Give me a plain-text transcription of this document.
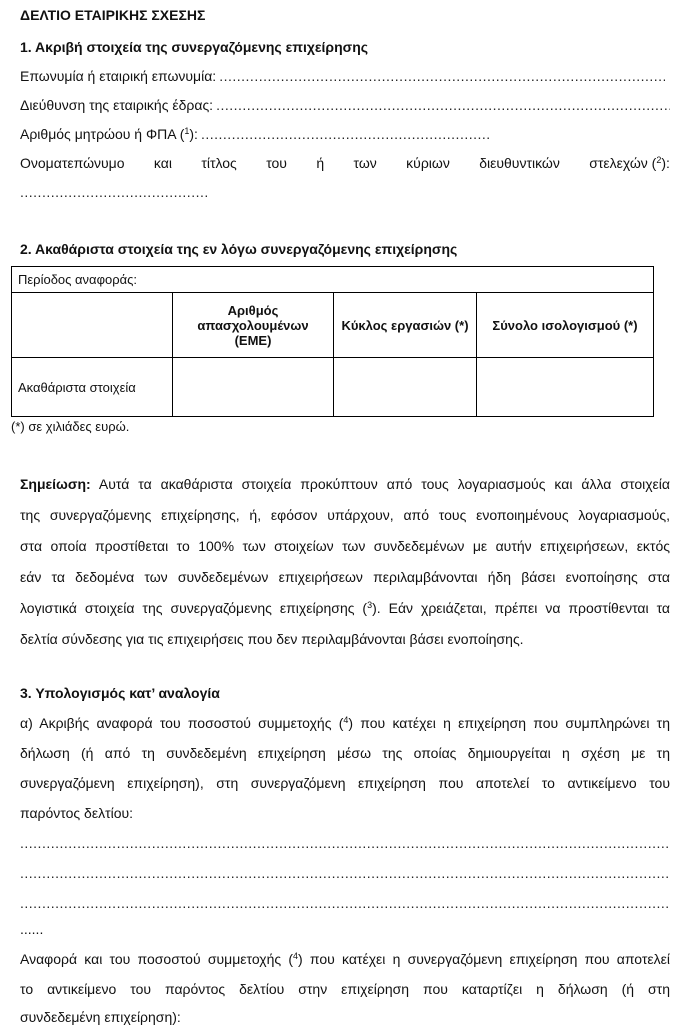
ΔΕΛΤΙΟ ΕΤΑΙΡΙΚΗΣ ΣΧΕΣΗΣ
1. Ακριβή στοιχεία της συνεργαζόμενης επιχείρησης
Επωνυμία ή εταιρική επωνυμία:
.....
Διεύθυνση της εταιρικής έδρας:
.....
Αριθμός μητρώου ή ΦΠΑ ($^1$):
.....
Ονοματεπώνυμο και τίτλος του ή των κύριων διευθυντικών στελεχών ($^2$):
.....
2. Ακαθάριστα στοιχεία της εν λόγω συνεργαζόμενης επιχείρησης
Περίοδος αναφοράς:			
	Αριθμός απασχολουμένων (ΕΜΕ)	Κύκλος εργασιών (*)	Σύνολο ισολογισμού (*)
Ακαθάριστα στοιχεία			
(*) σε χιλιάδες ευρώ.
Σημείωση: Αυτά τα ακαθάριστα στοιχεία προκύπτουν από τους λογαριασμούς και άλλα στοιχεία
της συνεργαζόμενης επιχείρησης, ή, εφόσον υπάρχουν, από τους ενοποιημένους λογαριασμούς,
στα οποία προστίθεται το 100% των στοιχείων των συνδεδεμένων με αυτήν επιχειρήσεων, εκτός
εάν τα δεδομένα των συνδεδεμένων επιχειρήσεων περιλαμβάνονται ήδη βάσει ενοποίησης στα
λογιστικά στοιχεία της συνεργαζόμενης επιχείρησης ($^3$). Εάν χρειάζεται, πρέπει να προστίθενται τα
δελτία σύνδεσης για τις επιχειρήσεις που δεν περιλαμβάνονται βάσει ενοποίησης.
3. Υπολογισμός κατ’ αναλογία
α) Ακριβής αναφορά του ποσοστού συμμετοχής ($^4$) που κατέχει η επιχείρηση που συμπληρώνει τη
δήλωση (ή από τη συνδεδεμένη επιχείρηση μέσω της οποίας δημιουργείται η σχέση με τη
συνεργαζόμενη επιχείρηση), στη συνεργαζόμενη επιχείρηση που αποτελεί το αντικείμενο του
παρόντος δελτίου:
.....
.....
.....
......
Αναφορά και του ποσοστού συμμετοχής ($^4$) που κατέχει η συνεργαζόμενη επιχείρηση που αποτελεί
το αντικείμενο του παρόντος δελτίου στην επιχείρηση που καταρτίζει η δήλωση (ή στη
συνδεδεμένη επιχείρηση):
